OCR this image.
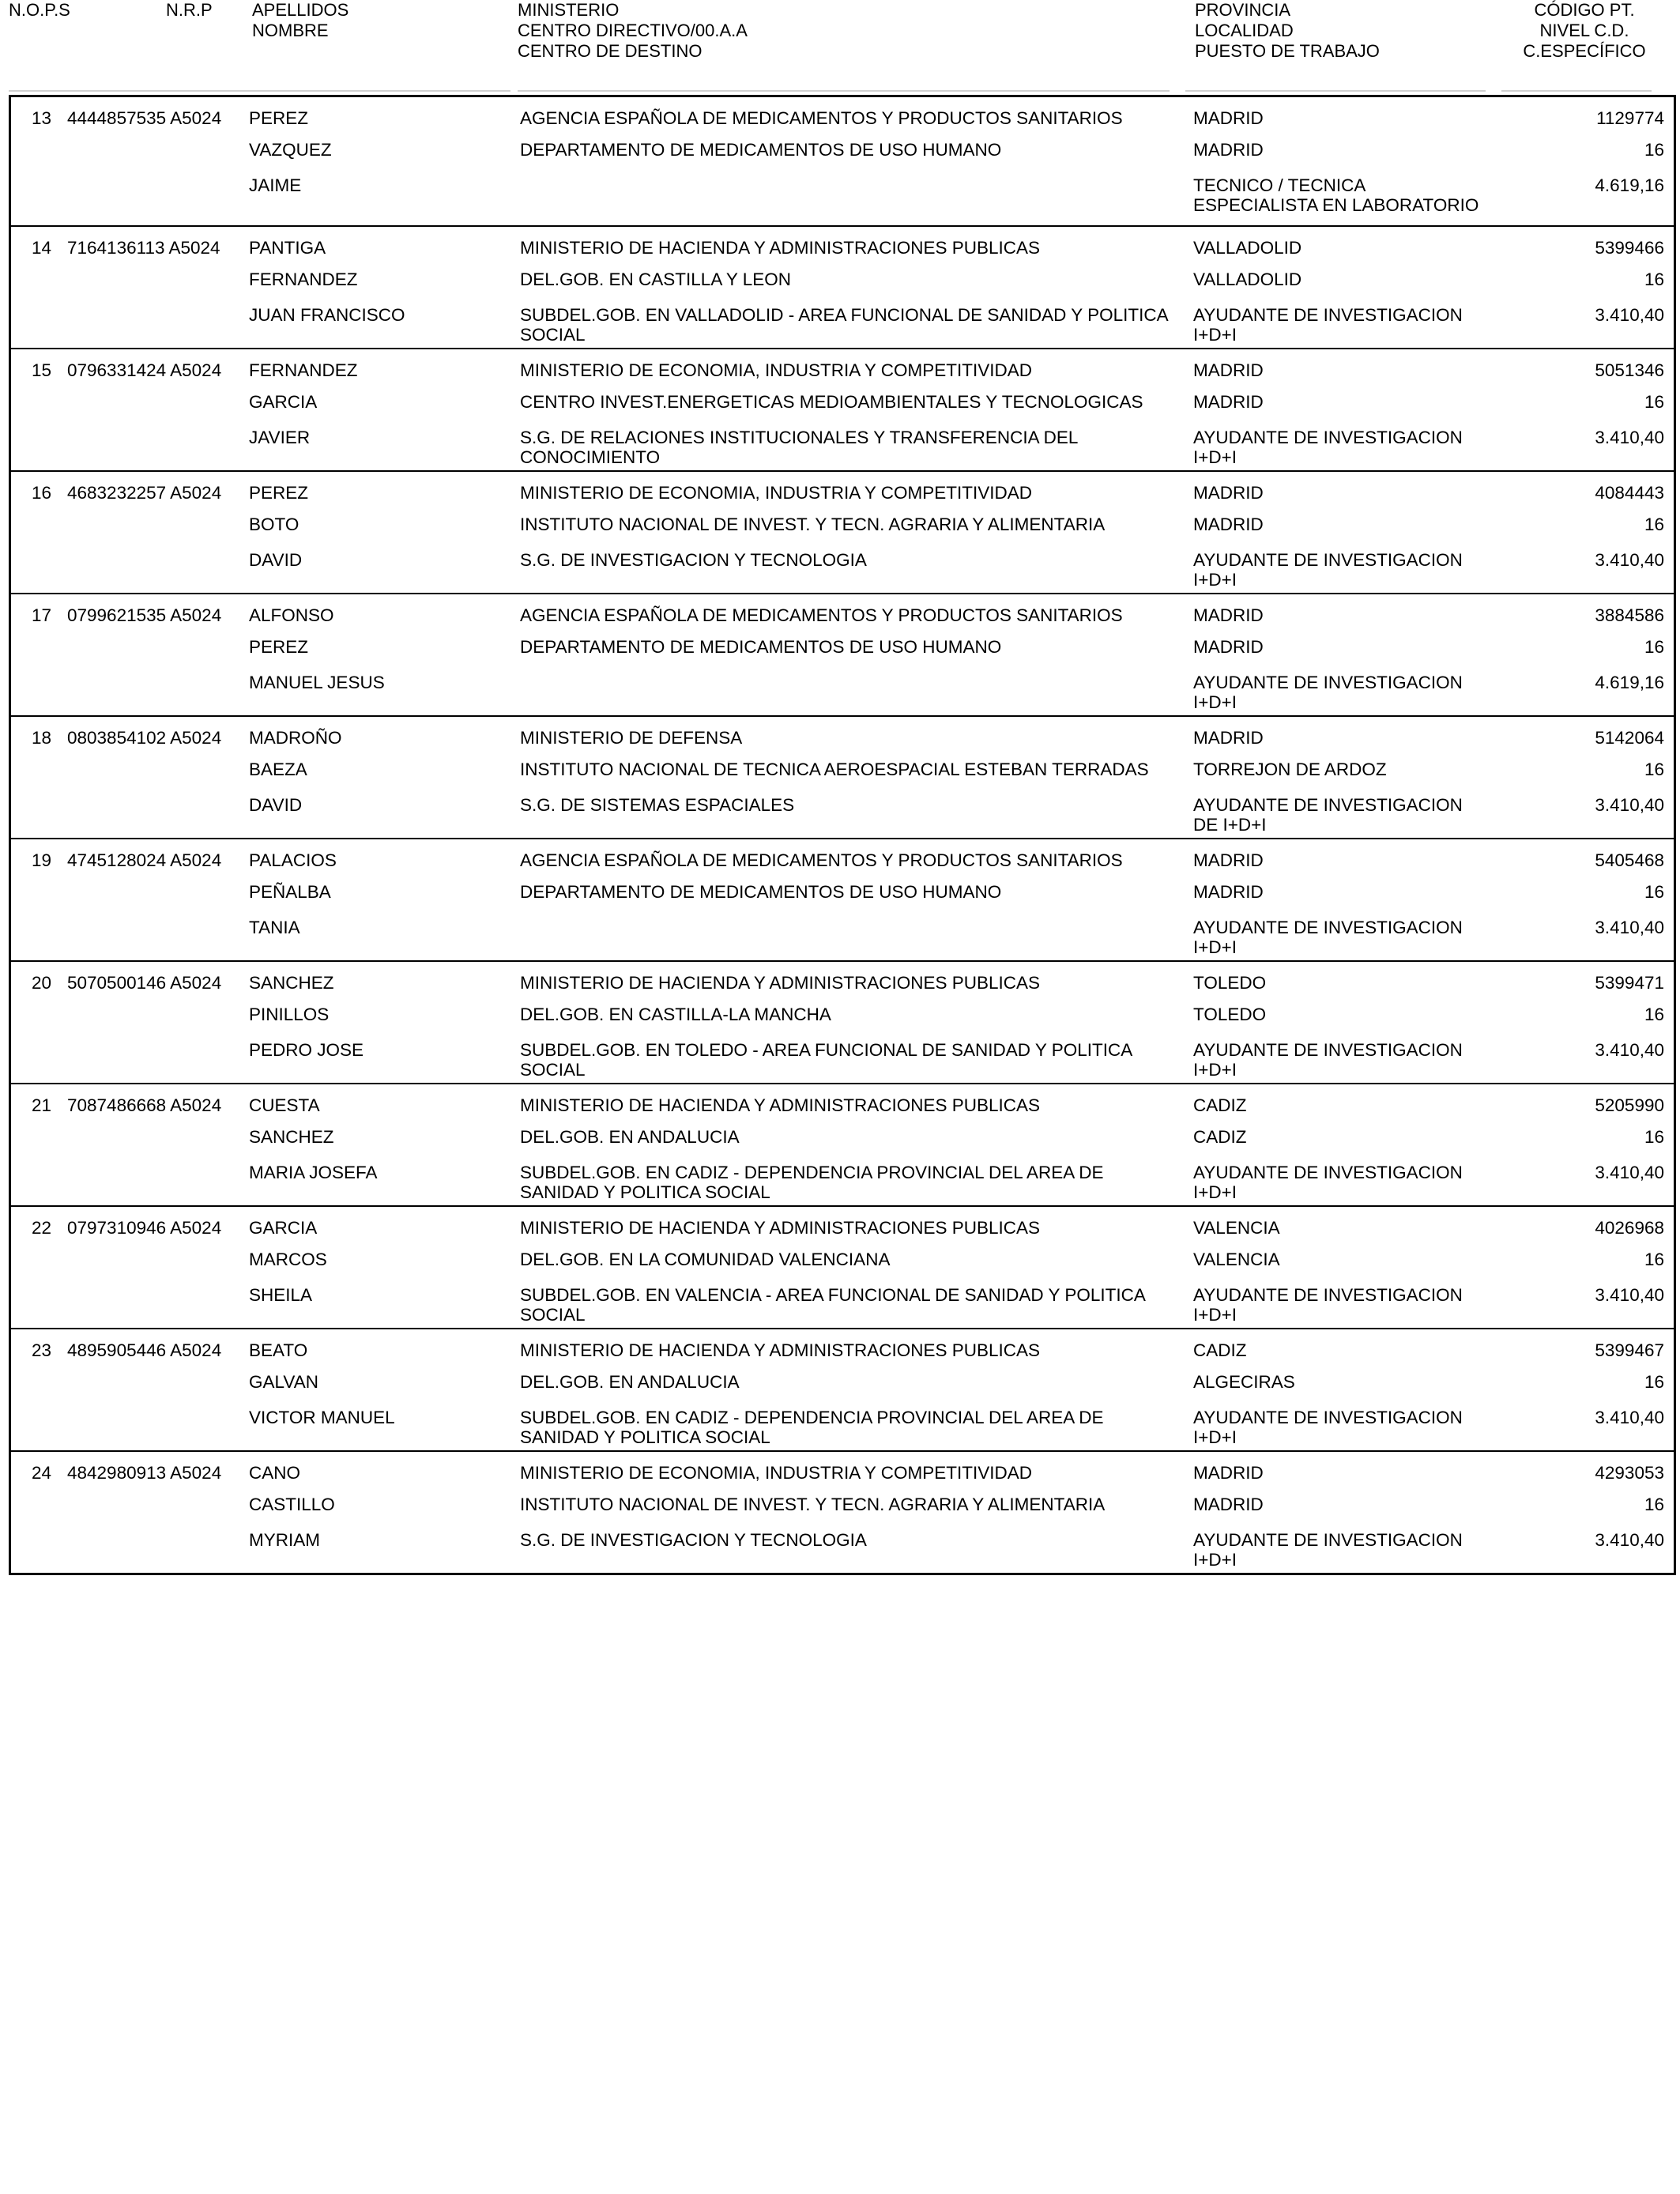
N.O.P.S	N.R.P APELLIDOS
NOMBRE
MINISTERIO
CENTRO DIRECTIVO/00.A.A
CENTRO DE DESTINO
PROVINCIA
LOCALIDAD
PUESTO DE TRABAJO
CÓDIGO PT.
NIVEL C.D.
C.ESPECÍFICO
13 4444857535 A5024 PEREZ
VAZQUEZ
JAIME
AGENCIA ESPAÑOLA DE MEDICAMENTOS Y PRODUCTOS SANITARIOS
DEPARTAMENTO DE MEDICAMENTOS DE USO HUMANO
MADRID
MADRID
TECNICO / TECNICA
ESPECIALISTA EN LABORATORIO
1129774
16
4.619,16
14 7164136113 A5024 PANTIGA
FERNANDEZ
JUAN FRANCISCO
MINISTERIO DE HACIENDA Y ADMINISTRACIONES PUBLICAS
DEL.GOB. EN CASTILLA Y LEON
SUBDEL.GOB. EN VALLADOLID - AREA FUNCIONAL DE SANIDAD Y POLITICA
SOCIAL
VALLADOLID
VALLADOLID
AYUDANTE DE INVESTIGACION
I+D+I
5399466
16
3.410,40
15 0796331424 A5024 FERNANDEZ
GARCIA
JAVIER
MINISTERIO DE ECONOMIA, INDUSTRIA Y COMPETITIVIDAD
CENTRO INVEST.ENERGETICAS MEDIOAMBIENTALES Y TECNOLOGICAS
S.G. DE RELACIONES INSTITUCIONALES Y TRANSFERENCIA DEL
CONOCIMIENTO
MADRID
MADRID
AYUDANTE DE INVESTIGACION
I+D+I
5051346
16
3.410,40
16 4683232257 A5024 PEREZ
BOTO
DAVID
MINISTERIO DE ECONOMIA, INDUSTRIA Y COMPETITIVIDAD
INSTITUTO NACIONAL DE INVEST. Y TECN. AGRARIA Y ALIMENTARIA
S.G. DE INVESTIGACION Y TECNOLOGIA
MADRID
MADRID
AYUDANTE DE INVESTIGACION
I+D+I
4084443
16
3.410,40
17 0799621535 A5024 ALFONSO
PEREZ
MANUEL JESUS
AGENCIA ESPAÑOLA DE MEDICAMENTOS Y PRODUCTOS SANITARIOS
DEPARTAMENTO DE MEDICAMENTOS DE USO HUMANO
MADRID
MADRID
AYUDANTE DE INVESTIGACION
I+D+I
3884586
16
4.619,16
18 0803854102 A5024 MADROÑO
BAEZA
DAVID
MINISTERIO DE DEFENSA
INSTITUTO NACIONAL DE TECNICA AEROESPACIAL ESTEBAN TERRADAS
S.G. DE SISTEMAS ESPACIALES
MADRID
TORREJON DE ARDOZ
AYUDANTE DE INVESTIGACION
DE I+D+I
5142064
16
3.410,40
19 4745128024 A5024 PALACIOS
PEÑALBA
TANIA
AGENCIA ESPAÑOLA DE MEDICAMENTOS Y PRODUCTOS SANITARIOS
DEPARTAMENTO DE MEDICAMENTOS DE USO HUMANO
MADRID
MADRID
AYUDANTE DE INVESTIGACION
I+D+I
5405468
16
3.410,40
20 5070500146 A5024 SANCHEZ
PINILLOS
PEDRO JOSE
MINISTERIO DE HACIENDA Y ADMINISTRACIONES PUBLICAS
DEL.GOB. EN CASTILLA-LA MANCHA
SUBDEL.GOB. EN TOLEDO - AREA FUNCIONAL DE SANIDAD Y POLITICA
SOCIAL
TOLEDO
TOLEDO
AYUDANTE DE INVESTIGACION
I+D+I
5399471
16
3.410,40
21 7087486668 A5024 CUESTA
SANCHEZ
MARIA JOSEFA
MINISTERIO DE HACIENDA Y ADMINISTRACIONES PUBLICAS
DEL.GOB. EN ANDALUCIA
SUBDEL.GOB. EN CADIZ - DEPENDENCIA PROVINCIAL DEL AREA DE
SANIDAD Y POLITICA SOCIAL
CADIZ
CADIZ
AYUDANTE DE INVESTIGACION
I+D+I
5205990
16
3.410,40
22 0797310946 A5024 GARCIA
MARCOS
SHEILA
MINISTERIO DE HACIENDA Y ADMINISTRACIONES PUBLICAS
DEL.GOB. EN LA COMUNIDAD VALENCIANA
SUBDEL.GOB. EN VALENCIA - AREA FUNCIONAL DE SANIDAD Y POLITICA
SOCIAL
VALENCIA
VALENCIA
AYUDANTE DE INVESTIGACION
I+D+I
4026968
16
3.410,40
23 4895905446 A5024 BEATO
GALVAN
VICTOR MANUEL
MINISTERIO DE HACIENDA Y ADMINISTRACIONES PUBLICAS
DEL.GOB. EN ANDALUCIA
SUBDEL.GOB. EN CADIZ - DEPENDENCIA PROVINCIAL DEL AREA DE
SANIDAD Y POLITICA SOCIAL
CADIZ
ALGECIRAS
AYUDANTE DE INVESTIGACION
I+D+I
5399467
16
3.410,40
24 4842980913 A5024 CANO
CASTILLO
MYRIAM
MINISTERIO DE ECONOMIA, INDUSTRIA Y COMPETITIVIDAD
INSTITUTO NACIONAL DE INVEST. Y TECN. AGRARIA Y ALIMENTARIA
S.G. DE INVESTIGACION Y TECNOLOGIA
MADRID
MADRID
AYUDANTE DE INVESTIGACION
I+D+I
4293053
16
3.410,40
